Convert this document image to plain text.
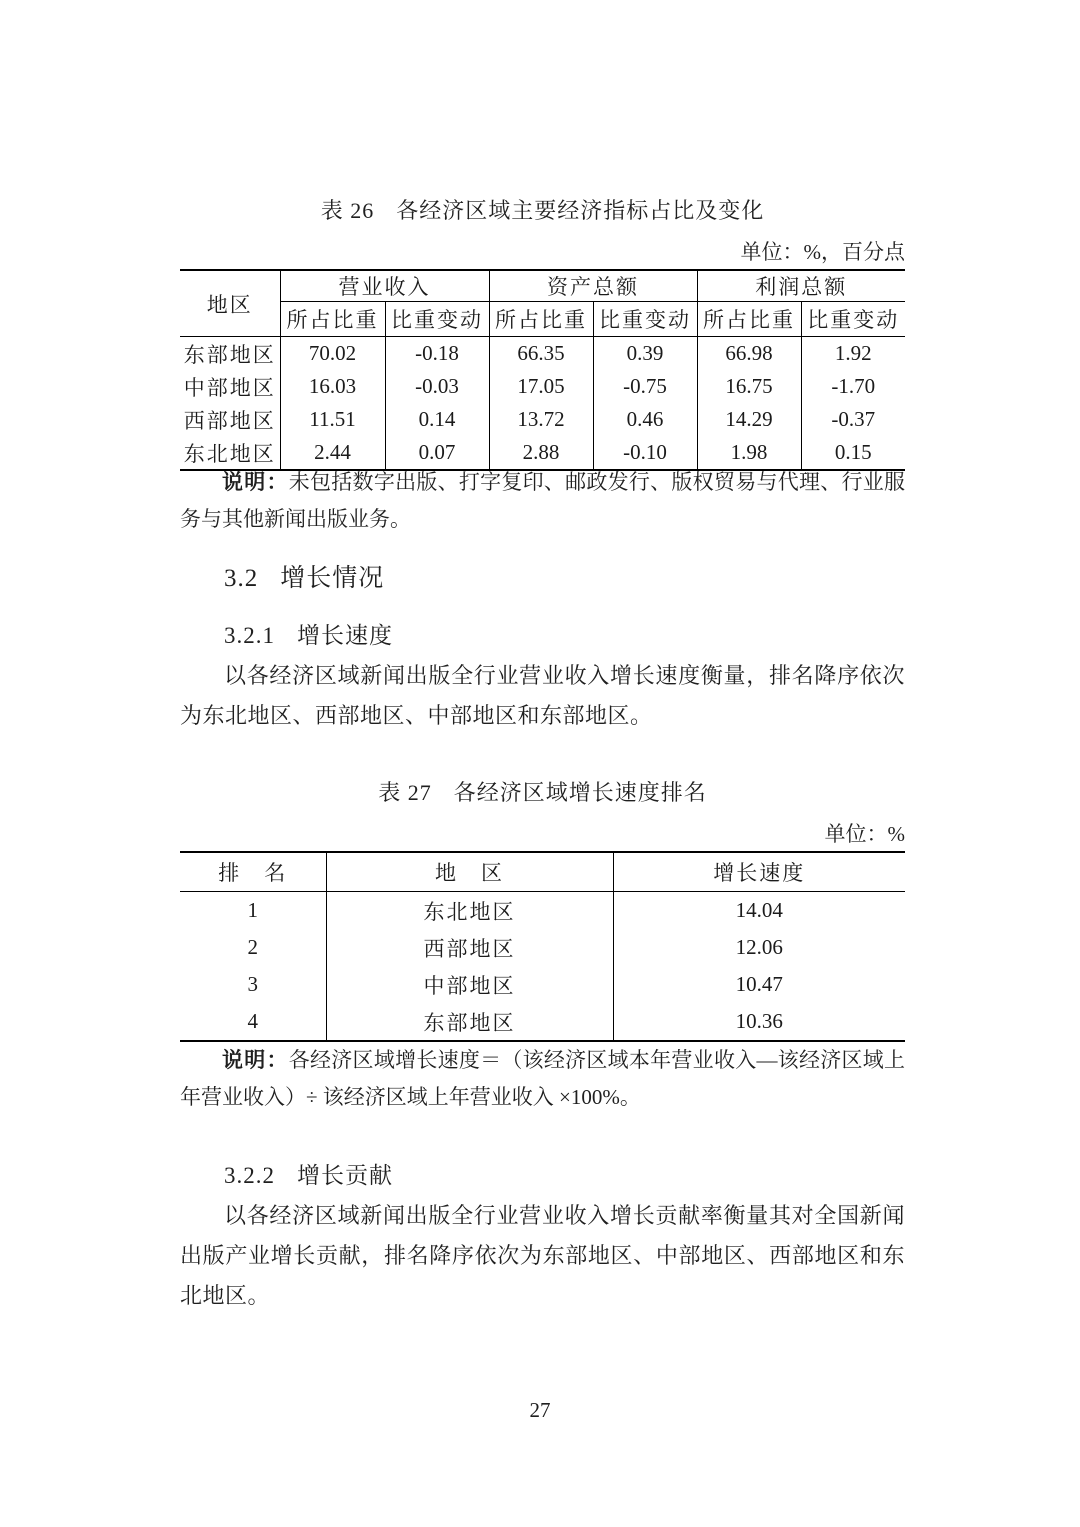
表 26 各经济区域主要经济指标占比及变化
单位：%，百分点
地区	营业收入		资产总额		利润总额	
	所占比重	比重变动	所占比重	比重变动	所占比重	比重变动
东部地区	70.02	-0.18	66.35	0.39	66.98	1.92
中部地区	16.03	-0.03	17.05	-0.75	16.75	-1.70
西部地区	11.51	0.14	13.72	0.46	14.29	-0.37
东北地区	2.44	0.07	2.88	-0.10	1.98	0.15

说明：未包括数字出版、打字复印、邮政发行、版权贸易与代理、行业服务与其他新闻出版业务。

3.2 增长情况
3.2.1 增长速度

以各经济区域新闻出版全行业营业收入增长速度衡量，排名降序依次为东北地区、西部地区、中部地区和东部地区。

表 27 各经济区域增长速度排名
单位：%
排　名	地　区	增长速度
1	东北地区	14.04
2	西部地区	12.06
3	中部地区	10.47
4	东部地区	10.36

说明：各经济区域增长速度＝（该经济区域本年营业收入—该经济区域上年营业收入）÷ 该经济区域上年营业收入 ×100%。

3.2.2 增长贡献

以各经济区域新闻出版全行业营业收入增长贡献率衡量其对全国新闻出版产业增长贡献，排名降序依次为东部地区、中部地区、西部地区和东北地区。

27
